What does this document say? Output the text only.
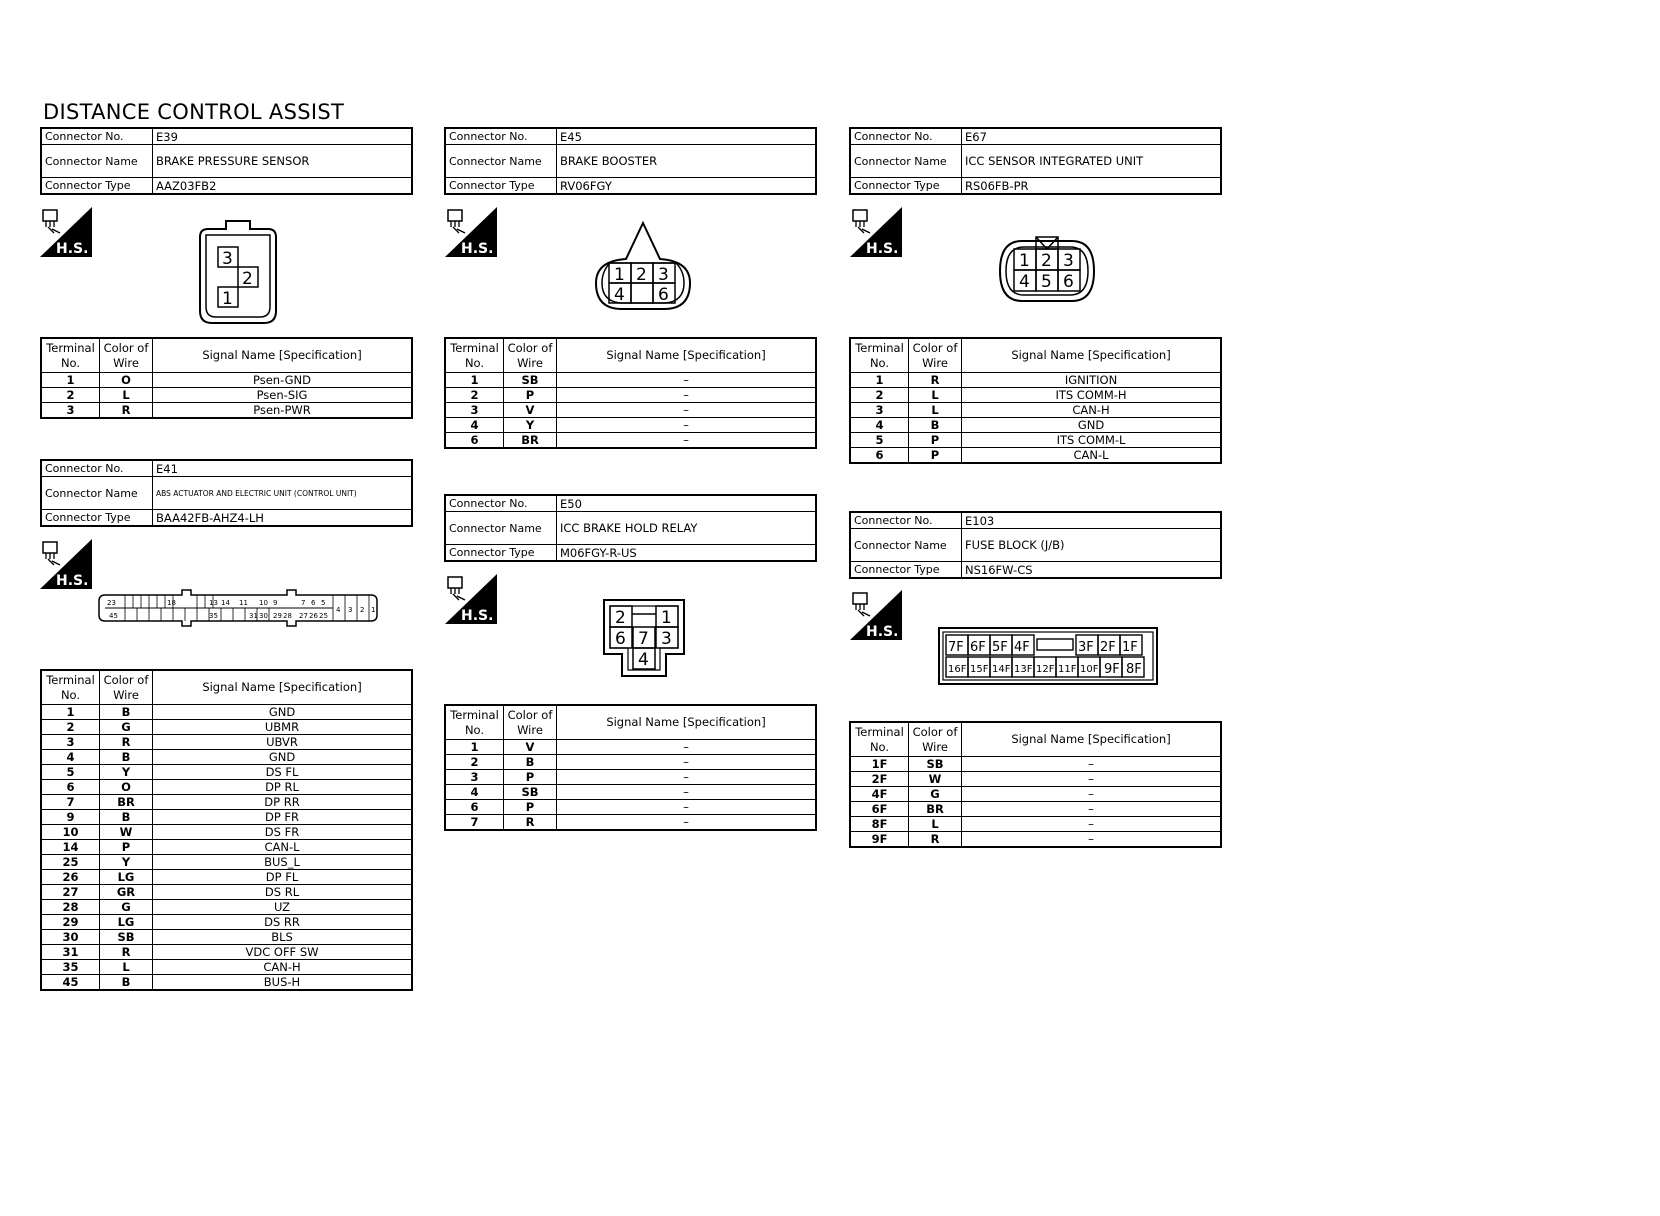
DISTANCE CONTROL ASSIST
Connector No.	E39
Connector Name	BRAKE PRESSURE SENSOR
Connector Type	AAZ03FB2
H.S.	3
2
1
Terminal No.	Color of Wire	Signal Name [Specification]
1	O	Psen-GND
2	L	Psen-SIG
3	R	Psen-PWR
Connector No.	E41
Connector Name	ABS ACTUATOR AND ELECTRIC UNIT (CONTROL UNIT)
Connector Type	BAA42FB-AHZ4-LH
H.S.
23	18	13 14 11 10 9	7 6 5
45	35	31 30 29 28 27 26 25
4 3 2 1
Terminal No.	Color of Wire	Signal Name [Specification]
1	B	GND
2	G	UBMR
3	R	UBVR
4	B	GND
5	Y	DS FL
6	O	DP RL
7	BR	DP RR
9	B	DP FR
10	W	DS FR
14	P	CAN-L
25	Y	BUS_L
26	LG	DP FL
27	GR	DS RL
28	G	UZ
29	LG	DS RR
30	SB	BLS
31	R	VDC OFF SW
35	L	CAN-H
45	B	BUS-H
Connector No.	E45
Connector Name	BRAKE BOOSTER
Connector Type	RV06FGY
H.S.
1 2 3
4 6
Terminal No.	Color of Wire	Signal Name [Specification]
1	SB	–
2	P	–
3	V	–
4	Y	–
6	BR	–
Connector No.	E50
Connector Name	ICC BRAKE HOLD RELAY
Connector Type	M06FGY-R-US
H.S.	2 1
6 7 3
4
Terminal No.	Color of Wire	Signal Name [Specification]
1	V	–
2	B	–
3	P	–
4	SB	–
6	P	–
7	R	–
Connector No.	E67
Connector Name	ICC SENSOR INTEGRATED UNIT
Connector Type	RS06FB-PR
H.S.
1 2 3
4 5 6
Terminal No.	Color of Wire	Signal Name [Specification]
1	R	IGNITION
2	L	ITS COMM-H
3	L	CAN-H
4	B	GND
5	P	ITS COMM-L
6	P	CAN-L
Connector No.	E103
Connector Name	FUSE BLOCK (J/B)
Connector Type	NS16FW-CS
H.S.
7F 6F 5F 4F	3F 2F 1F
16F 15F 14F 13F 12F 11F 10F 9F 8F
Terminal No.	Color of Wire	Signal Name [Specification]
1F	SB	–
2F	W	–
4F	G	–
6F	BR	–
8F	L	–
9F	R	–
